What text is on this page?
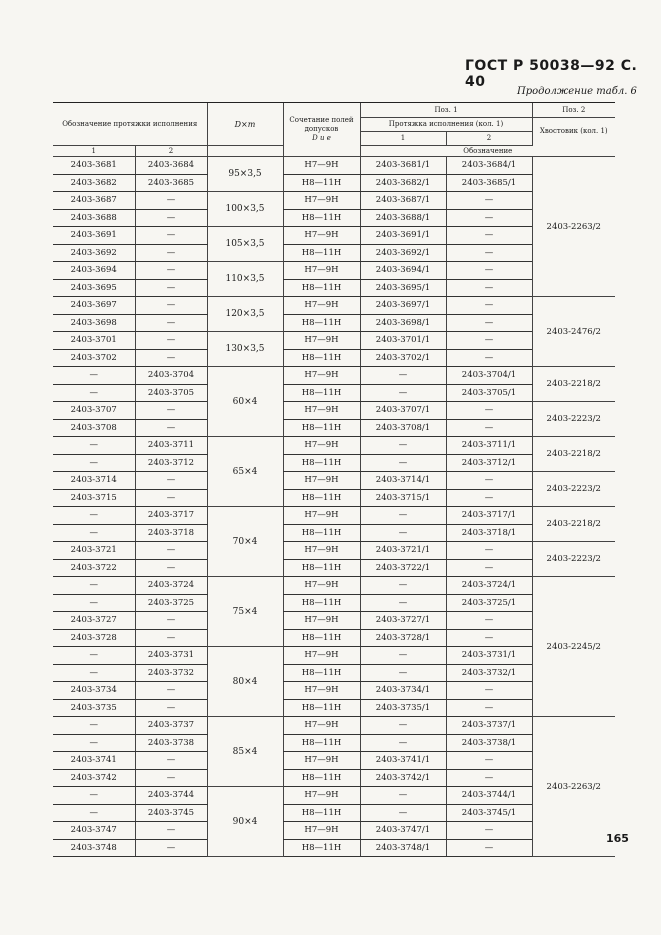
ГОСТ Р 50038—92 С. 40
Продолжение табл. 6
Обозначение протяжки исполнения		D×m	Сочетание полей
допусков
D и e	Поз. 1		Поз. 2
				Протяжка исполнения (кол. 1)		Хвостовик (кол. 1)
				1	2	
1	2			Обозначение		
2403-3681	2403-3684	95×3,5	H7—9H	2403-3681/1	2403-3684/1	2403-2263/2
2403-3682	2403-3685		H8—11H	2403-3682/1	2403-3685/1	
2403-3687	—	100×3,5	H7—9H	2403-3687/1	—	
2403-3688	—		H8—11H	2403-3688/1	—	
2403-3691	—	105×3,5	H7—9H	2403-3691/1	—	
2403-3692	—		H8—11H	2403-3692/1	—	
2403-3694	—	110×3,5	H7—9H	2403-3694/1	—	
2403-3695	—		H8—11H	2403-3695/1	—	
2403-3697	—	120×3,5	H7—9H	2403-3697/1	—	2403-2476/2
2403-3698	—		H8—11H	2403-3698/1	—	
2403-3701	—	130×3,5	H7—9H	2403-3701/1	—	
2403-3702	—		H8—11H	2403-3702/1	—	
—	2403-3704	60×4	H7—9H	—	2403-3704/1	2403-2218/2
—	2403-3705		H8—11H	—	2403-3705/1	
2403-3707	—		H7—9H	2403-3707/1	—	2403-2223/2
2403-3708	—		H8—11H	2403-3708/1	—	
—	2403-3711	65×4	H7—9H	—	2403-3711/1	2403-2218/2
—	2403-3712		H8—11H	—	2403-3712/1	
2403-3714	—		H7—9H	2403-3714/1	—	2403-2223/2
2403-3715	—		H8—11H	2403-3715/1	—	
—	2403-3717	70×4	H7—9H	—	2403-3717/1	2403-2218/2
—	2403-3718		H8—11H	—	2403-3718/1	
2403-3721	—		H7—9H	2403-3721/1	—	2403-2223/2
2403-3722	—		H8—11H	2403-3722/1	—	
—	2403-3724	75×4	H7—9H	—	2403-3724/1	2403-2245/2
—	2403-3725		H8—11H	—	2403-3725/1	
2403-3727	—		H7—9H	2403-3727/1	—	
2403-3728	—		H8—11H	2403-3728/1	—	
—	2403-3731	80×4	H7—9H	—	2403-3731/1	
—	2403-3732		H8—11H	—	2403-3732/1	
2403-3734	—		H7—9H	2403-3734/1	—	
2403-3735	—		H8—11H	2403-3735/1	—	
—	2403-3737	85×4	H7—9H	—	2403-3737/1	2403-2263/2
—	2403-3738		H8—11H	—	2403-3738/1	
2403-3741	—		H7—9H	2403-3741/1	—	
2403-3742	—		H8—11H	2403-3742/1	—	
—	2403-3744	90×4	H7—9H	—	2403-3744/1	
—	2403-3745		H8—11H	—	2403-3745/1	
2403-3747	—		H7—9H	2403-3747/1	—	
2403-3748	—		H8—11H	2403-3748/1	—	
165
